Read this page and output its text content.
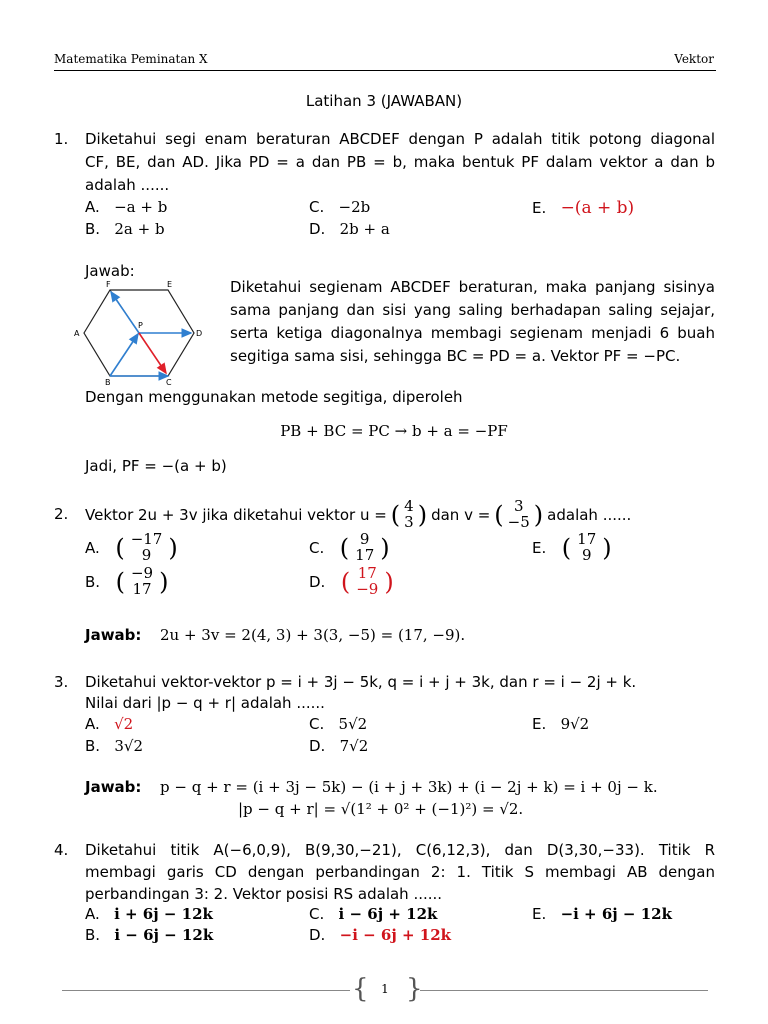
Matematika Peminatan X	Vektor
Latihan 3 (JAWABAN)
1. Diketahui segi enam beraturan ABCDEF dengan P adalah titik potong diagonal
CF, BE, dan AD. Jika PD = a dan PB = b, maka bentuk PF dalam vektor a dan b
adalah ......
A.   −a + b	C.   −2b	E.   −(a + b)
B.   2a + b	D.   2b + a
Jawab:
F	E
A	D
P
B	C
Diketahui segienam ABCDEF beraturan, maka panjang sisinya
sama panjang dan sisi yang saling berhadapan saling sejajar,
serta ketiga diagonalnya membagi segienam menjadi 6 buah
segitiga sama sisi, sehingga BC = PD = a. Vektor PF = −PC.
Dengan menggunakan metode segitiga, diperoleh
PB + BC = PC → b + a = −PF
Jadi, PF = −(a + b)
2. Vektor 2u + 3v jika diketahui vektor u = ( 4
3 ) dan v = ( 3
−5 ) adalah ......
A. ( −17
9 )	C. ( 9
17 )	E. ( 17
9 )
B. ( −9
17 )	D. ( 17
−9 )
Jawab: 2u + 3v = 2(4, 3) + 3(3, −5) = (17, −9).
3. Diketahui vektor-vektor p = i + 3j − 5k, q = i + j + 3k, dan r = i − 2j + k.
Nilai dari |p − q + r| adalah ......
A.   √2	C.   5√2	E.   9√2
B.   3√2	D.   7√2
Jawab: p − q + r = (i + 3j − 5k) − (i + j + 3k) + (i − 2j + k) = i + 0j − k.
|p − q + r| = √(1² + 0² + (−1)²) = √2.
4. Diketahui titik A(−6,0,9), B(9,30,−21), C(6,12,3), dan D(3,30,−33). Titik R
membagi garis CD dengan perbandingan 2: 1. Titik S membagi AB dengan
perbandingan 3: 2. Vektor posisi RS adalah ......
A.   i + 6j − 12k	C.   i − 6j + 12k	E.   −i + 6j − 12k
B.   i − 6j − 12k	D.   −i − 6j + 12k
{ }
1
